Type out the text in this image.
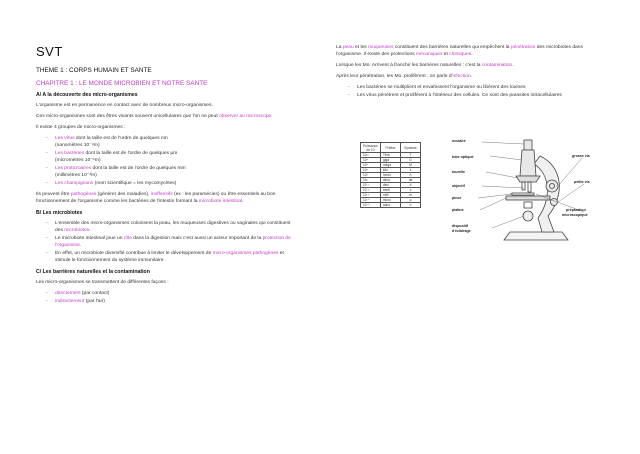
SVT
THEME 1 : CORPS HUMAIN ET SANTE
CHAPITRE 1 : LE MONDE MICROBIEN ET NOTRE SANTE
A/ A la découverte des micro-organismes

L'organisme est en permanence en contact avec de nombreux micro-organismes.

Ces micro-organismes sont des êtres vivants souvent unicellulaires que l'on ne peut observer au microscope.

Il existe 4 groupes de micro-organismes :

- Les virus dont la taille est de l'ordre de quelques nm
(nanomètres 10⁻⁹m)
- Les bactéries dont la taille est de l'ordre de quelques µm
(micromètres 10⁻⁶m)
- Les protozoaires dont la taille est de l'ordre de quelques mm
(millimètres 10⁻³m)
- Les champignons (nom scientifique = les mycomycètes)

Ils peuvent être pathogènes (générer des maladies), inoffensifs (ex : les paramécies) ou être essentiels au bon fonctionnement de l'organisme comme les bactéries de l'intestin formant la microbiote intestinal.

B/ Les microbiotes
- L'ensemble des micro-organismes colonisent la peau, les muqueuses digestives ou vaginales qui constituent des microbiotes.
- Le microbiote intestinal joue un rôle dans la digestion mais c'est aussi un acteur important de la protection de l'organisme.
- En effet, un microbiote diversifié contribue à limiter le développement de micro-organismes pathogènes et stimule le fonctionnement du système immunitaire.
C/ Les barrières naturelles et la contamination

Les micro-organismes se transmettent de différentes façons :

- directement (par contact)
- indirectement (par l'air)

La peau et les muqueuses constituent des barrières naturelles qui empêchent la pénétration des microbiotes dans l'organisme. Il existe des protections mécaniques et chimiques.

Lorsque les Mo. Arrivent à franchir les barrières naturelles : c'est la contamination.

Après leur pénétration, les Mo. prolifèrent : on parle d'infection.

- Les bactéries se multiplient et envahissent l'organisme ou libèrent des toxines
- Les virus pénètrent et prolifèrent à l'intérieur des cellules. Ce sont des parasites intracellulaires
Puissance de 10	Préfixe	Symbole
10¹²	Téra	T
10⁹	giga	G
10⁶	méga	M
10³	kilo	k
10²	hecto	h
10¹	déca	da
10⁻¹	déci	d
10⁻²	centi	c
10⁻³	milli	m
10⁻⁶	micro	µ
10⁻⁹	nano	n
oculaire
tube optique
tourelle
objectif
pince
platine
dispositif
d'éclairage
grosse vis
petite vis
préparation
microscopique
